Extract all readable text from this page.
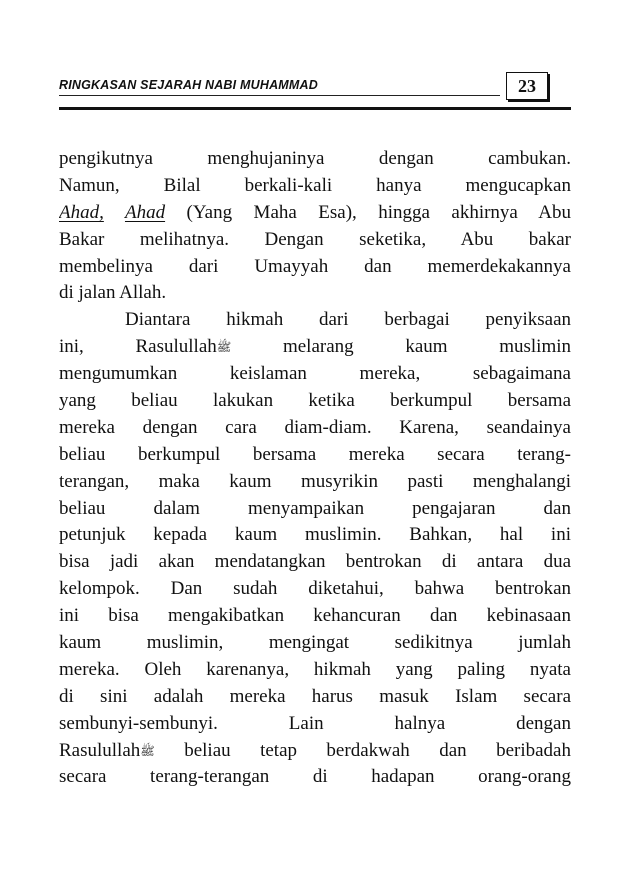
RINGKASAN SEJARAH NABI MUHAMMAD	23
pengikutnya menghujaninya dengan cambukan.
Namun, Bilal berkali-kali hanya mengucapkan
Ahad, Ahad (Yang Maha Esa), hingga akhirnya Abu
Bakar melihatnya. Dengan seketika, Abu bakar
membelinya dari Umayyah dan memerdekakannya
di jalan Allah.
Diantara hikmah dari berbagai penyiksaan
ini, Rasulullahﷺ melarang kaum muslimin
mengumumkan keislaman mereka, sebagaimana
yang beliau lakukan ketika berkumpul bersama
mereka dengan cara diam-diam. Karena, seandainya
beliau berkumpul bersama mereka secara terang-
terangan, maka kaum musyrikin pasti menghalangi
beliau dalam menyampaikan pengajaran dan
petunjuk kepada kaum muslimin. Bahkan, hal ini
bisa jadi akan mendatangkan bentrokan di antara dua
kelompok. Dan sudah diketahui, bahwa bentrokan
ini bisa mengakibatkan kehancuran dan kebinasaan
kaum muslimin, mengingat sedikitnya jumlah
mereka. Oleh karenanya, hikmah yang paling nyata
di sini adalah mereka harus masuk Islam secara
sembunyi-sembunyi. Lain halnya dengan
Rasulullahﷺ beliau tetap berdakwah dan beribadah
secara terang-terangan di hadapan orang-orang
